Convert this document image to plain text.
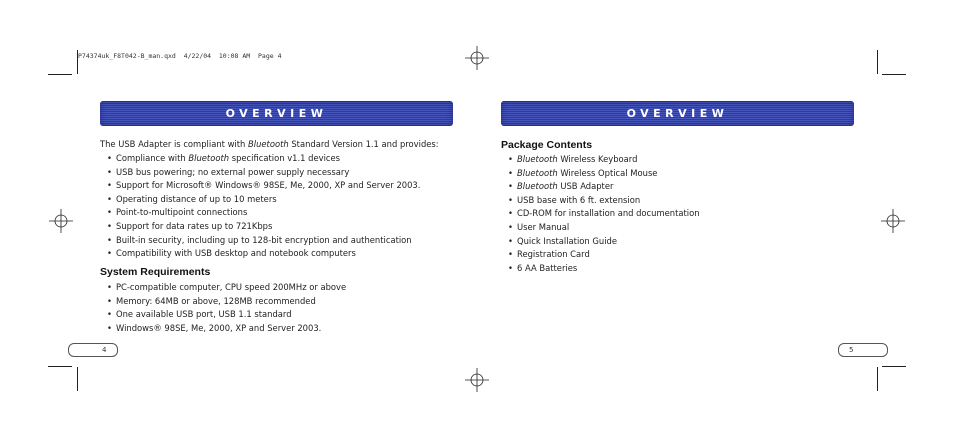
P74374uk_F8T042-B_man.qxd  4/22/04  10:08 AM  Page 4
OVERVIEW
The USB Adapter is compliant with Bluetooth Standard Version 1.1 and provides:
• Compliance with Bluetooth specification v1.1 devices
• USB bus powering; no external power supply necessary
• Support for Microsoft® Windows® 98SE, Me, 2000, XP and Server 2003.
• Operating distance of up to 10 meters
• Point-to-multipoint connections
• Support for data rates up to 721Kbps
• Built-in security, including up to 128-bit encryption and authentication
• Compatibility with USB desktop and notebook computers
System Requirements
• PC-compatible computer, CPU speed 200MHz or above
• Memory: 64MB or above, 128MB recommended
• One available USB port, USB 1.1 standard
• Windows® 98SE, Me, 2000, XP and Server 2003.
4
OVERVIEW
Package Contents
• Bluetooth Wireless Keyboard
• Bluetooth Wireless Optical Mouse
• Bluetooth USB Adapter
• USB base with 6 ft. extension
• CD-ROM for installation and documentation
• User Manual
• Quick Installation Guide
• Registration Card
• 6 AA Batteries
5
